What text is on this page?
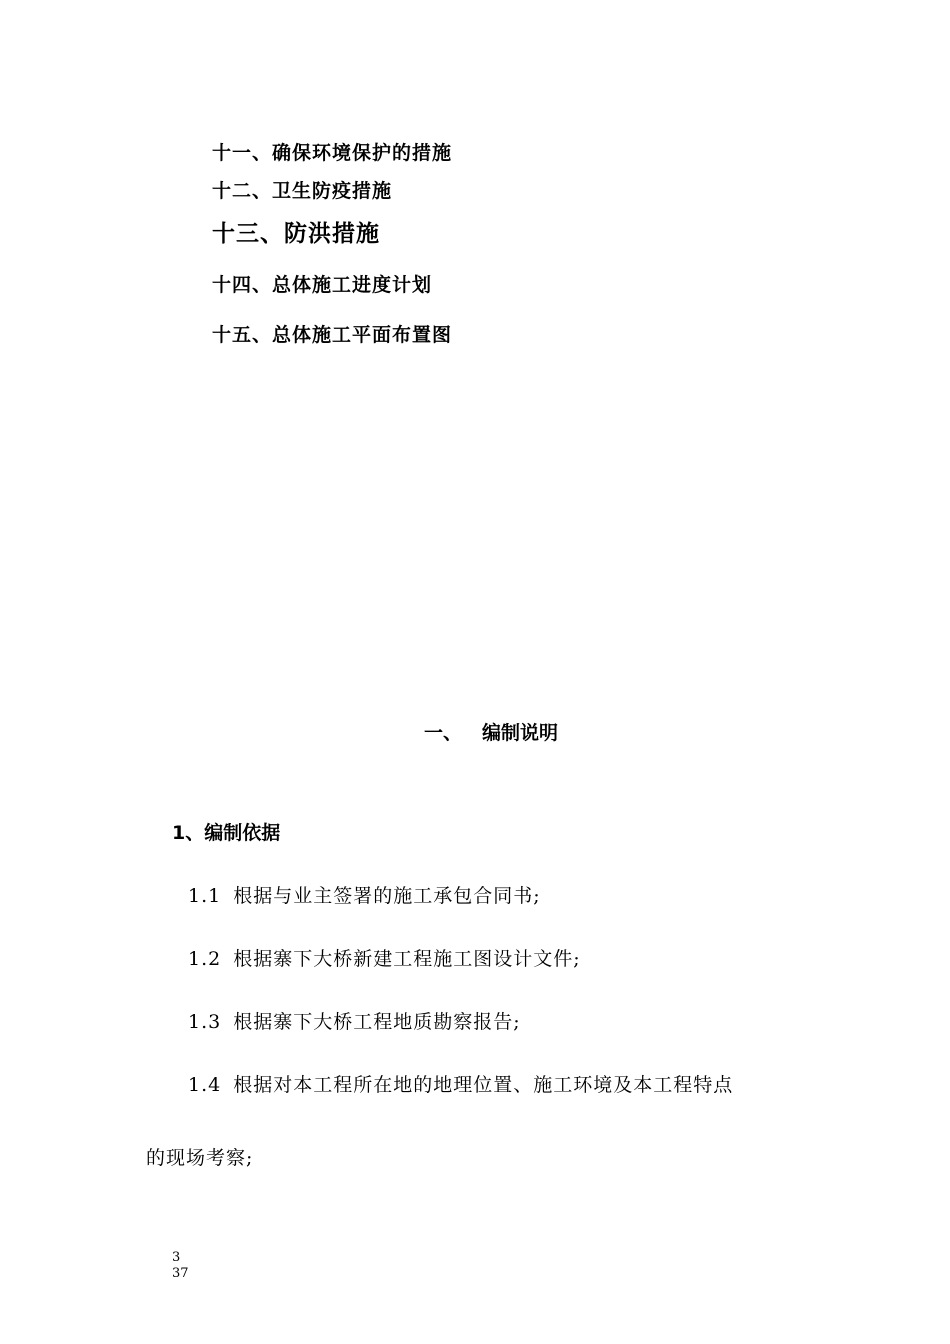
十一、确保环境保护的措施
十二、卫生防疫措施
十三、防洪措施
十四、总体施工进度计划
十五、总体施工平面布置图
一、 编制说明
1、编制依据
1.1 根据与业主签署的施工承包合同书;
1.2 根据寨下大桥新建工程施工图设计文件;
1.3 根据寨下大桥工程地质勘察报告;
1.4 根据对本工程所在地的地理位置、施工环境及本工程特点
的现场考察;
3
37
